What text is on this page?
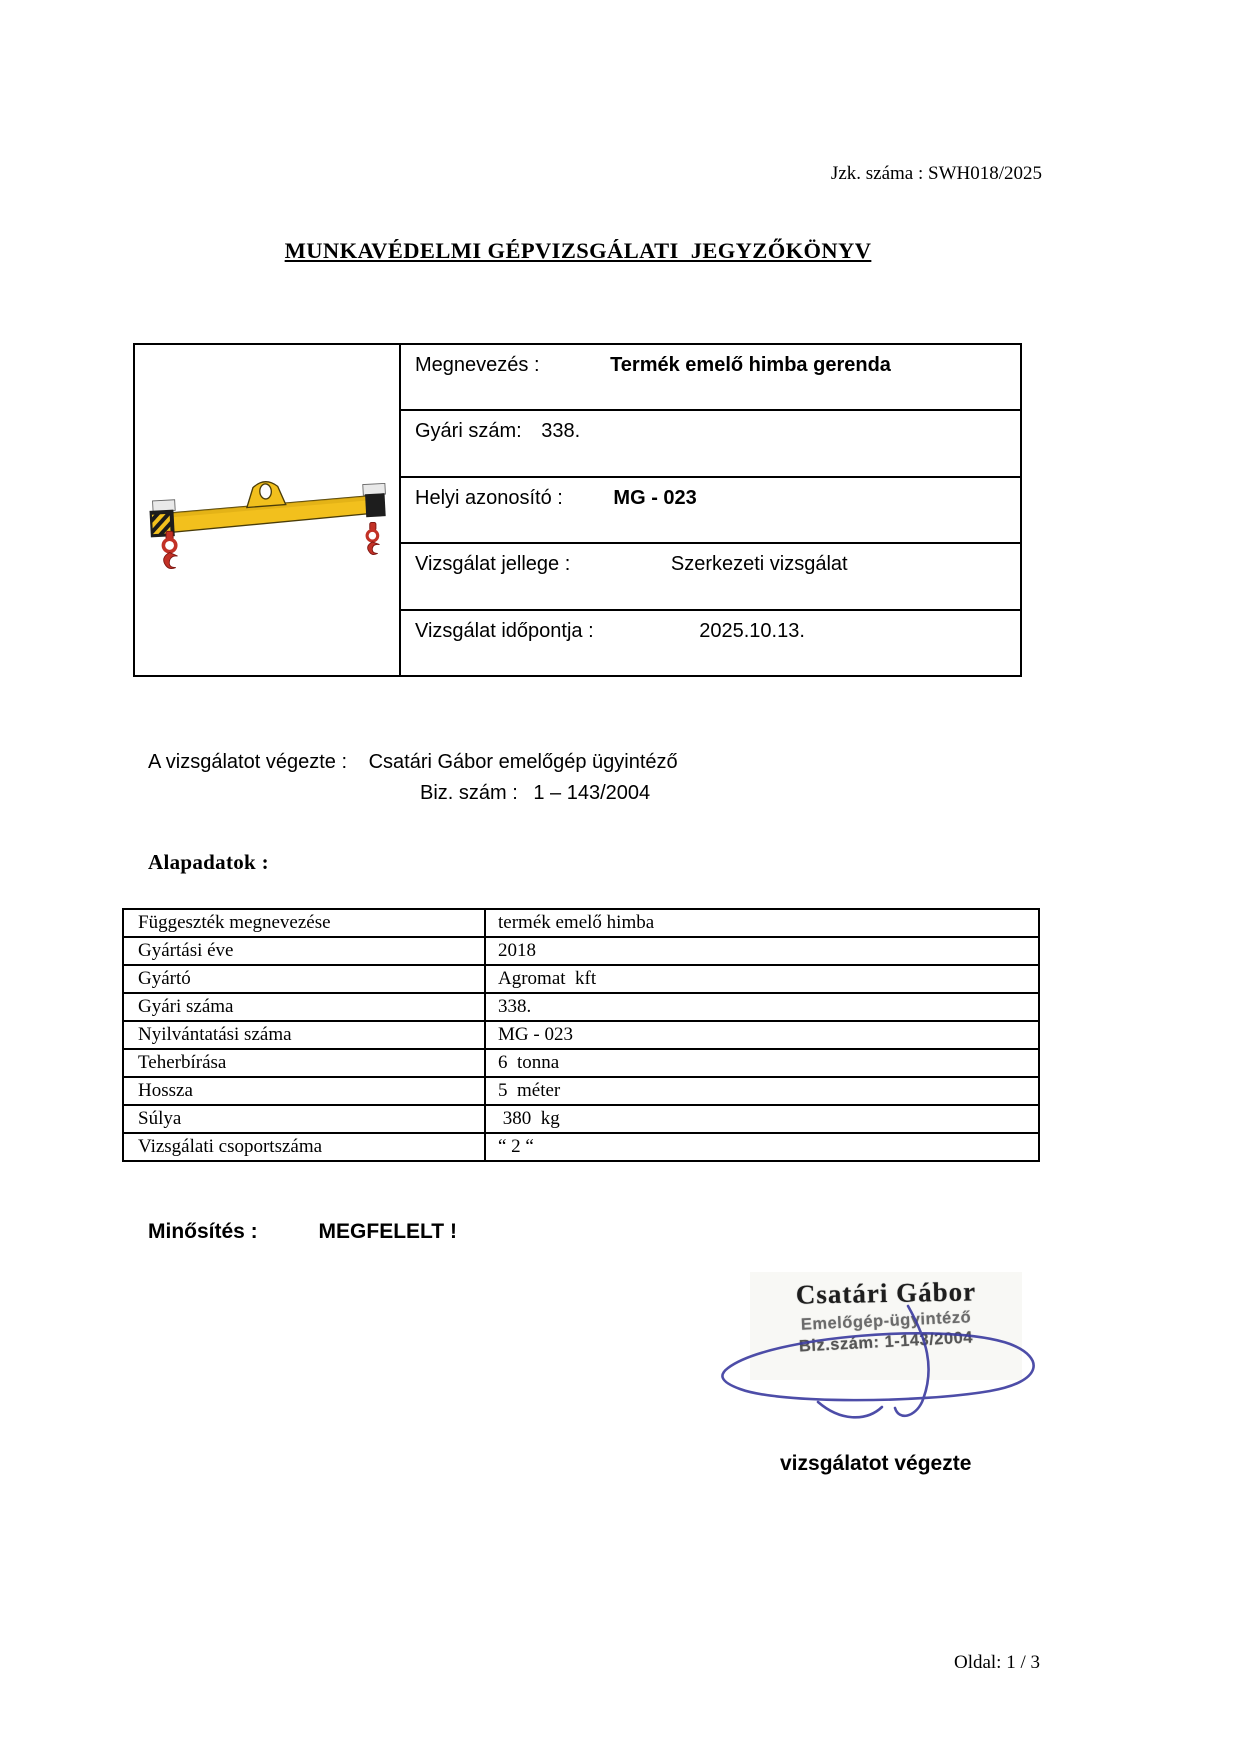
Jzk. száma : SWH018/2025
MUNKAVÉDELMI GÉPVIZSGÁLATI  JEGYZŐKÖNYV
Megnevezés :	Termék emelő himba gerenda
Gyári szám: 338.
Helyi azonosító :	MG - 023
Vizsgálat jellege :	Szerkezeti vizsgálat
Vizsgálat időpontja :	2025.10.13.
A vizsgálatot végezte : Csatári Gábor emelőgép ügyintéző
Biz. szám : 1 – 143/2004
Alapadatok :
Függeszték megnevezése	termék emelő himba
Gyártási éve	2018
Gyártó	Agromat  kft
Gyári száma	338.
Nyilvántatási száma	MG - 023
Teherbírása	6  tonna
Hossza	5  méter
Súlya	380  kg
Vizsgálati csoportszáma	“ 2 “
Minősítés :	MEGFELELT !
Csatári Gábor
Emelőgép-ügyintéző
Biz.szám: 1-143/2004
vizsgálatot végezte
Oldal: 1 / 3
